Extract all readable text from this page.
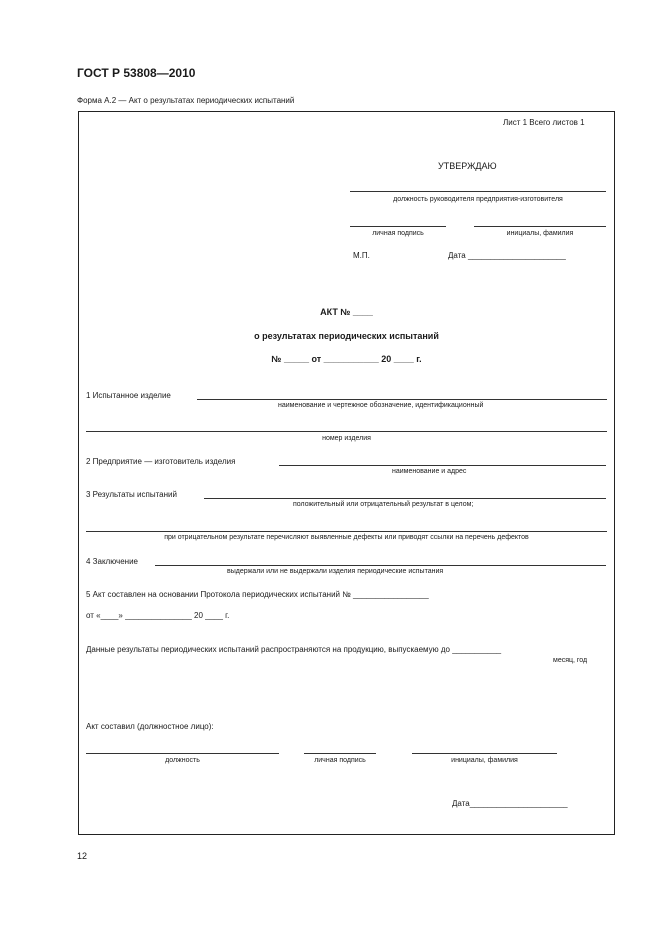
ГОСТ Р 53808—2010
Форма А.2 — Акт о результатах периодических испытаний
Лист 1 Всего листов 1
УТВЕРЖДАЮ
должность руководителя предприятия-изготовителя
личная подпись	инициалы, фамилия
М.П.	Дата ______________________
АКТ № ____
о результатах периодических испытаний
№ _____ от ___________ 20 ____ г.
1 Испытанное изделие
наименование и чертежное обозначение, идентификационный
номер изделия
2 Предприятие — изготовитель изделия
наименование и адрес
3 Результаты испытаний
положительный или отрицательный результат в целом;
при отрицательном результате перечисляют выявленные дефекты или приводят ссылки на перечень дефектов
4 Заключение
выдержали или не выдержали изделия периодические испытания
5 Акт составлен на основании Протокола периодических испытаний № _________________
от «____» _______________ 20 ____ г.
Данные результаты периодических испытаний распространяются на продукцию, выпускаемую до ___________
месяц, год
Акт составил (должностное лицо):
должность	личная подпись	инициалы, фамилия
Дата______________________
12
